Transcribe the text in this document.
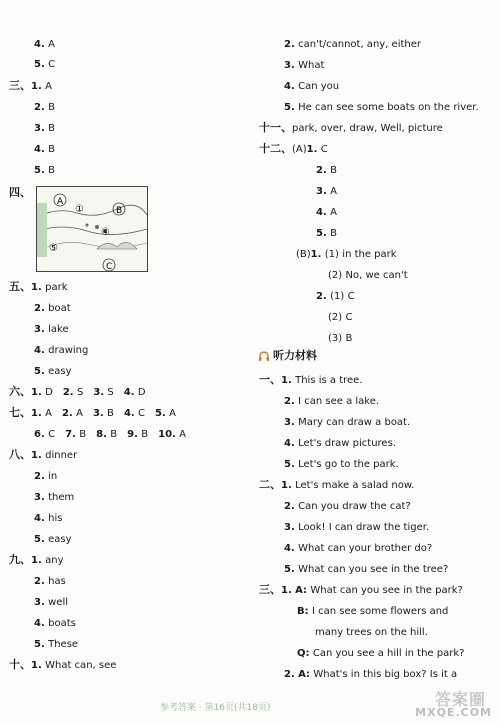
4. A
5. C
三、1. A
2. B
3. B
4. B
5. B
四、
A
B
C
①
④
⑤
五、1. park
2. boat
3. lake
4. drawing
5. easy
六、1. D 2. S 3. S 4. D
七、1. A 2. A 3. B 4. C 5. A
6. C 7. B 8. B 9. B 10. A
八、1. dinner
2. in
3. them
4. his
5. easy
九、1. any
2. has
3. well
4. boats
5. These
十、1. What can, see
2. can't/cannot, any, either
3. What
4. Can you
5. He can see some boats on the river.
十一、park, over, draw, Well, picture
十二、(A)1. C
2. B
3. A
4. A
5. B
(B)1. (1) in the park
(2) No, we can't
2. (1) C
(2) C
(3) B
听力材料
一、1. This is a tree.
2. I can see a lake.
3. Mary can draw a boat.
4. Let's draw pictures.
5. Let's go to the park.
二、1. Let's make a salad now.
2. Can you draw the cat?
3. Look! I can draw the tiger.
4. What can your brother do?
5. What can you see in the tree?
三、1. A: What can you see in the park?
B: I can see some flowers and
many trees on the hill.
Q: Can you see a hill in the park?
2. A: What's in this big box? Is it a
参考答案 · 第16页(共18页)	答案圈
MXQE.COM
